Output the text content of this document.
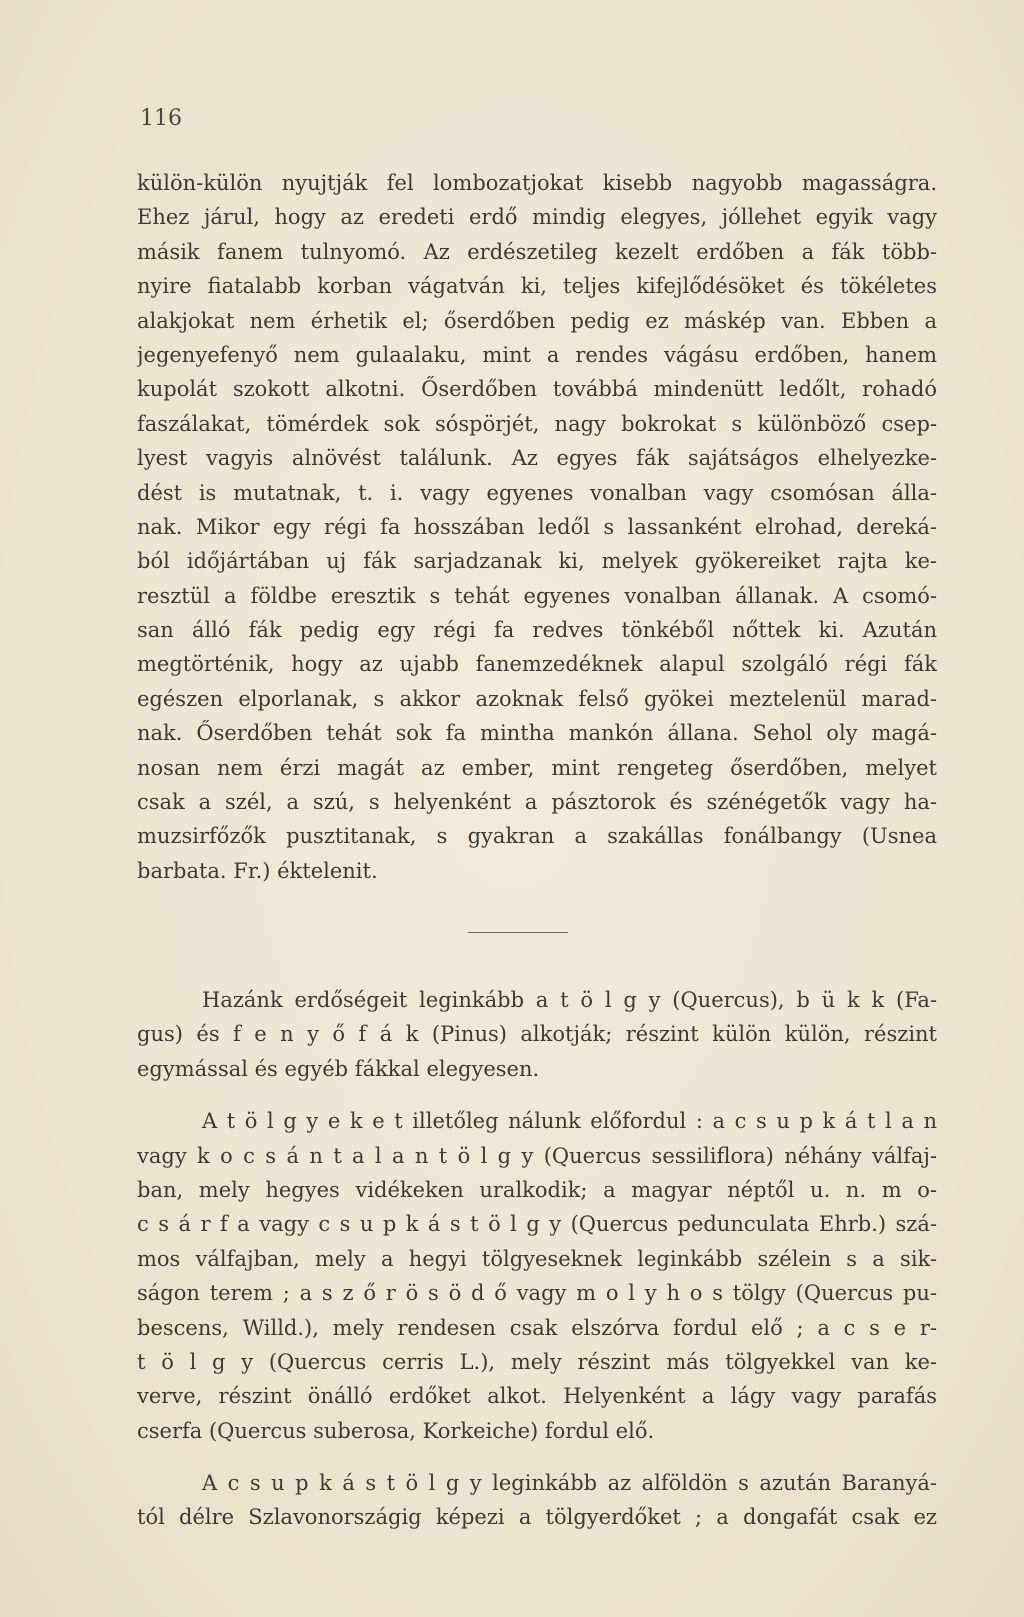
116
külön-külön nyujtják fel lombozatjokat kisebb nagyobb magasságra.
Ehez járul, hogy az eredeti erdő mindig elegyes, jóllehet egyik vagy
másik fanem tulnyomó. Az erdészetileg kezelt erdőben a fák több-
nyire fiatalabb korban vágatván ki, teljes kifejlődésöket és tökéletes
alakjokat nem érhetik el; őserdőben pedig ez máskép van. Ebben a
jegenyefenyő nem gulaalaku, mint a rendes vágásu erdőben, hanem
kupolát szokott alkotni. Őserdőben továbbá mindenütt ledőlt, rohadó
faszálakat, tömérdek sok sóspörjét, nagy bokrokat s különböző csep-
lyest vagyis alnövést találunk. Az egyes fák sajátságos elhelyezke-
dést is mutatnak, t. i. vagy egyenes vonalban vagy csomósan álla-
nak. Mikor egy régi fa hosszában ledől s lassanként elrohad, dereká-
ból időjártában uj fák sarjadzanak ki, melyek gyökereiket rajta ke-
resztül a földbe eresztik s tehát egyenes vonalban állanak. A csomó-
san álló fák pedig egy régi fa redves tönkéből nőttek ki. Azután
megtörténik, hogy az ujabb fanemzedéknek alapul szolgáló régi fák
egészen elporlanak, s akkor azoknak felső gyökei meztelenül marad-
nak. Őserdőben tehát sok fa mintha mankón állana. Sehol oly magá-
nosan nem érzi magát az ember, mint rengeteg őserdőben, melyet
csak a szél, a szú, s helyenként a pásztorok és szénégetők vagy ha-
muzsirfőzők pusztitanak, s gyakran a szakállas fonálbangy (Usnea
barbata. Fr.) éktelenit.
Hazánk erdőségeit leginkább a t ö l g y (Quercus), b ü k k (Fa-
gus) és f e n y ő f á k (Pinus) alkotják; részint külön külön, részint
egymással és egyéb fákkal elegyesen.
A t ö l g y e k e t illetőleg nálunk előfordul : a c s u p k á t l a n
vagy k o c s á n t a l a n t ö l g y (Quercus sessiliflora) néhány válfaj-
ban, mely hegyes vidékeken uralkodik; a magyar néptől u. n. m o-
c s á r f a vagy c s u p k á s t ö l g y (Quercus pedunculata Ehrb.) szá-
mos válfajban, mely a hegyi tölgyeseknek leginkább szélein s a sik-
ságon terem ; a s z ő r ö s ö d ő vagy m o l y h o s tölgy (Quercus pu-
bescens, Willd.), mely rendesen csak elszórva fordul elő ; a c s e r-
t ö l g y (Quercus cerris L.), mely részint más tölgyekkel van ke-
verve, részint önálló erdőket alkot. Helyenként a lágy vagy parafás
cserfa (Quercus suberosa, Korkeiche) fordul elő.
A c s u p k á s t ö l g y leginkább az alföldön s azután Baranyá-
tól délre Szlavonországig képezi a tölgyerdőket ; a dongafát csak ez
